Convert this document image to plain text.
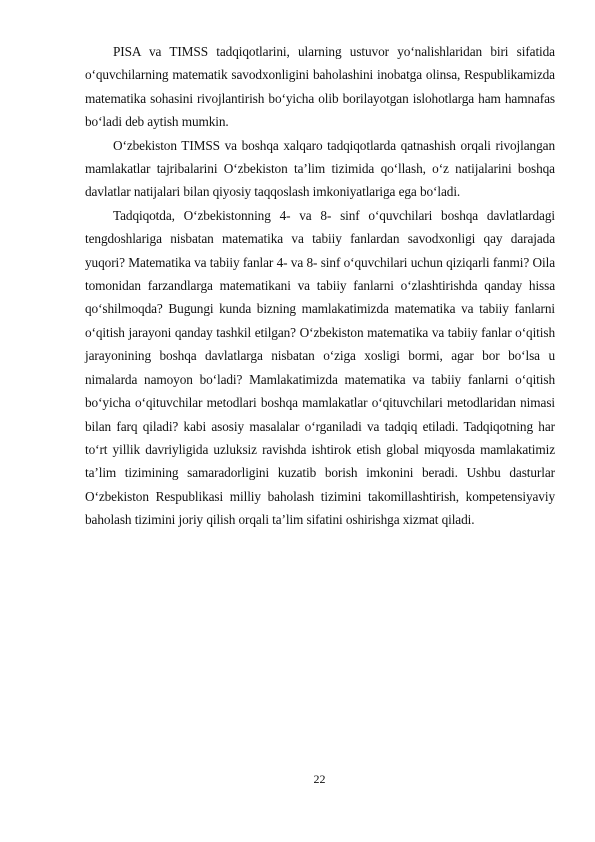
PISA va TIMSS tadqiqotlarini, ularning ustuvor yo‘nalishlaridan biri sifatida o‘quvchilarning matematik savodxonligini baholashini inobatga olinsa, Respublikamizda matematika sohasini rivojlantirish bo‘yicha olib borilayotgan islohotlarga ham hamnafas bo‘ladi deb aytish mumkin.

O‘zbekiston TIMSS va boshqa xalqaro tadqiqotlarda qatnashish orqali rivojlangan mamlakatlar tajribalarini O‘zbekiston ta’lim tizimida qo‘llash, o‘z natijalarini boshqa davlatlar natijalari bilan qiyosiy taqqoslash imkoniyatlariga ega bo‘ladi.

Tadqiqotda, O‘zbekistonning 4- va 8- sinf o‘quvchilari boshqa davlatlardagi tengdoshlariga nisbatan matematika va tabiiy fanlardan savodxonligi qay darajada yuqori? Matematika va tabiiy fanlar 4- va 8- sinf o‘quvchilari uchun qiziqarli fanmi? Oila tomonidan farzandlarga matematikani va tabiiy fanlarni o‘zlashtirishda qanday hissa qo‘shilmoqda? Bugungi kunda bizning mamlakatimizda matematika va tabiiy fanlarni o‘qitish jarayoni qanday tashkil etilgan? O‘zbekiston matematika va tabiiy fanlar o‘qitish jarayonining boshqa davlatlarga nisbatan o‘ziga xosligi bormi, agar bor bo‘lsa u nimalarda namoyon bo‘ladi? Mamlakatimizda matematika va tabiiy fanlarni o‘qitish bo‘yicha o‘qituvchilar metodlari boshqa mamlakatlar o‘qituvchilari metodlaridan nimasi bilan farq qiladi? kabi asosiy masalalar o‘rganiladi va tadqiq etiladi. Tadqiqotning har to‘rt yillik davriyligida uzluksiz ravishda ishtirok etish global miqyosda mamlakatimiz ta’lim tizimining samaradorligini kuzatib borish imkonini beradi. Ushbu dasturlar O‘zbekiston Respublikasi milliy baholash tizimini takomillashtirish, kompetensiyaviy baholash tizimini joriy qilish orqali ta’lim sifatini oshirishga xizmat qiladi.

22
